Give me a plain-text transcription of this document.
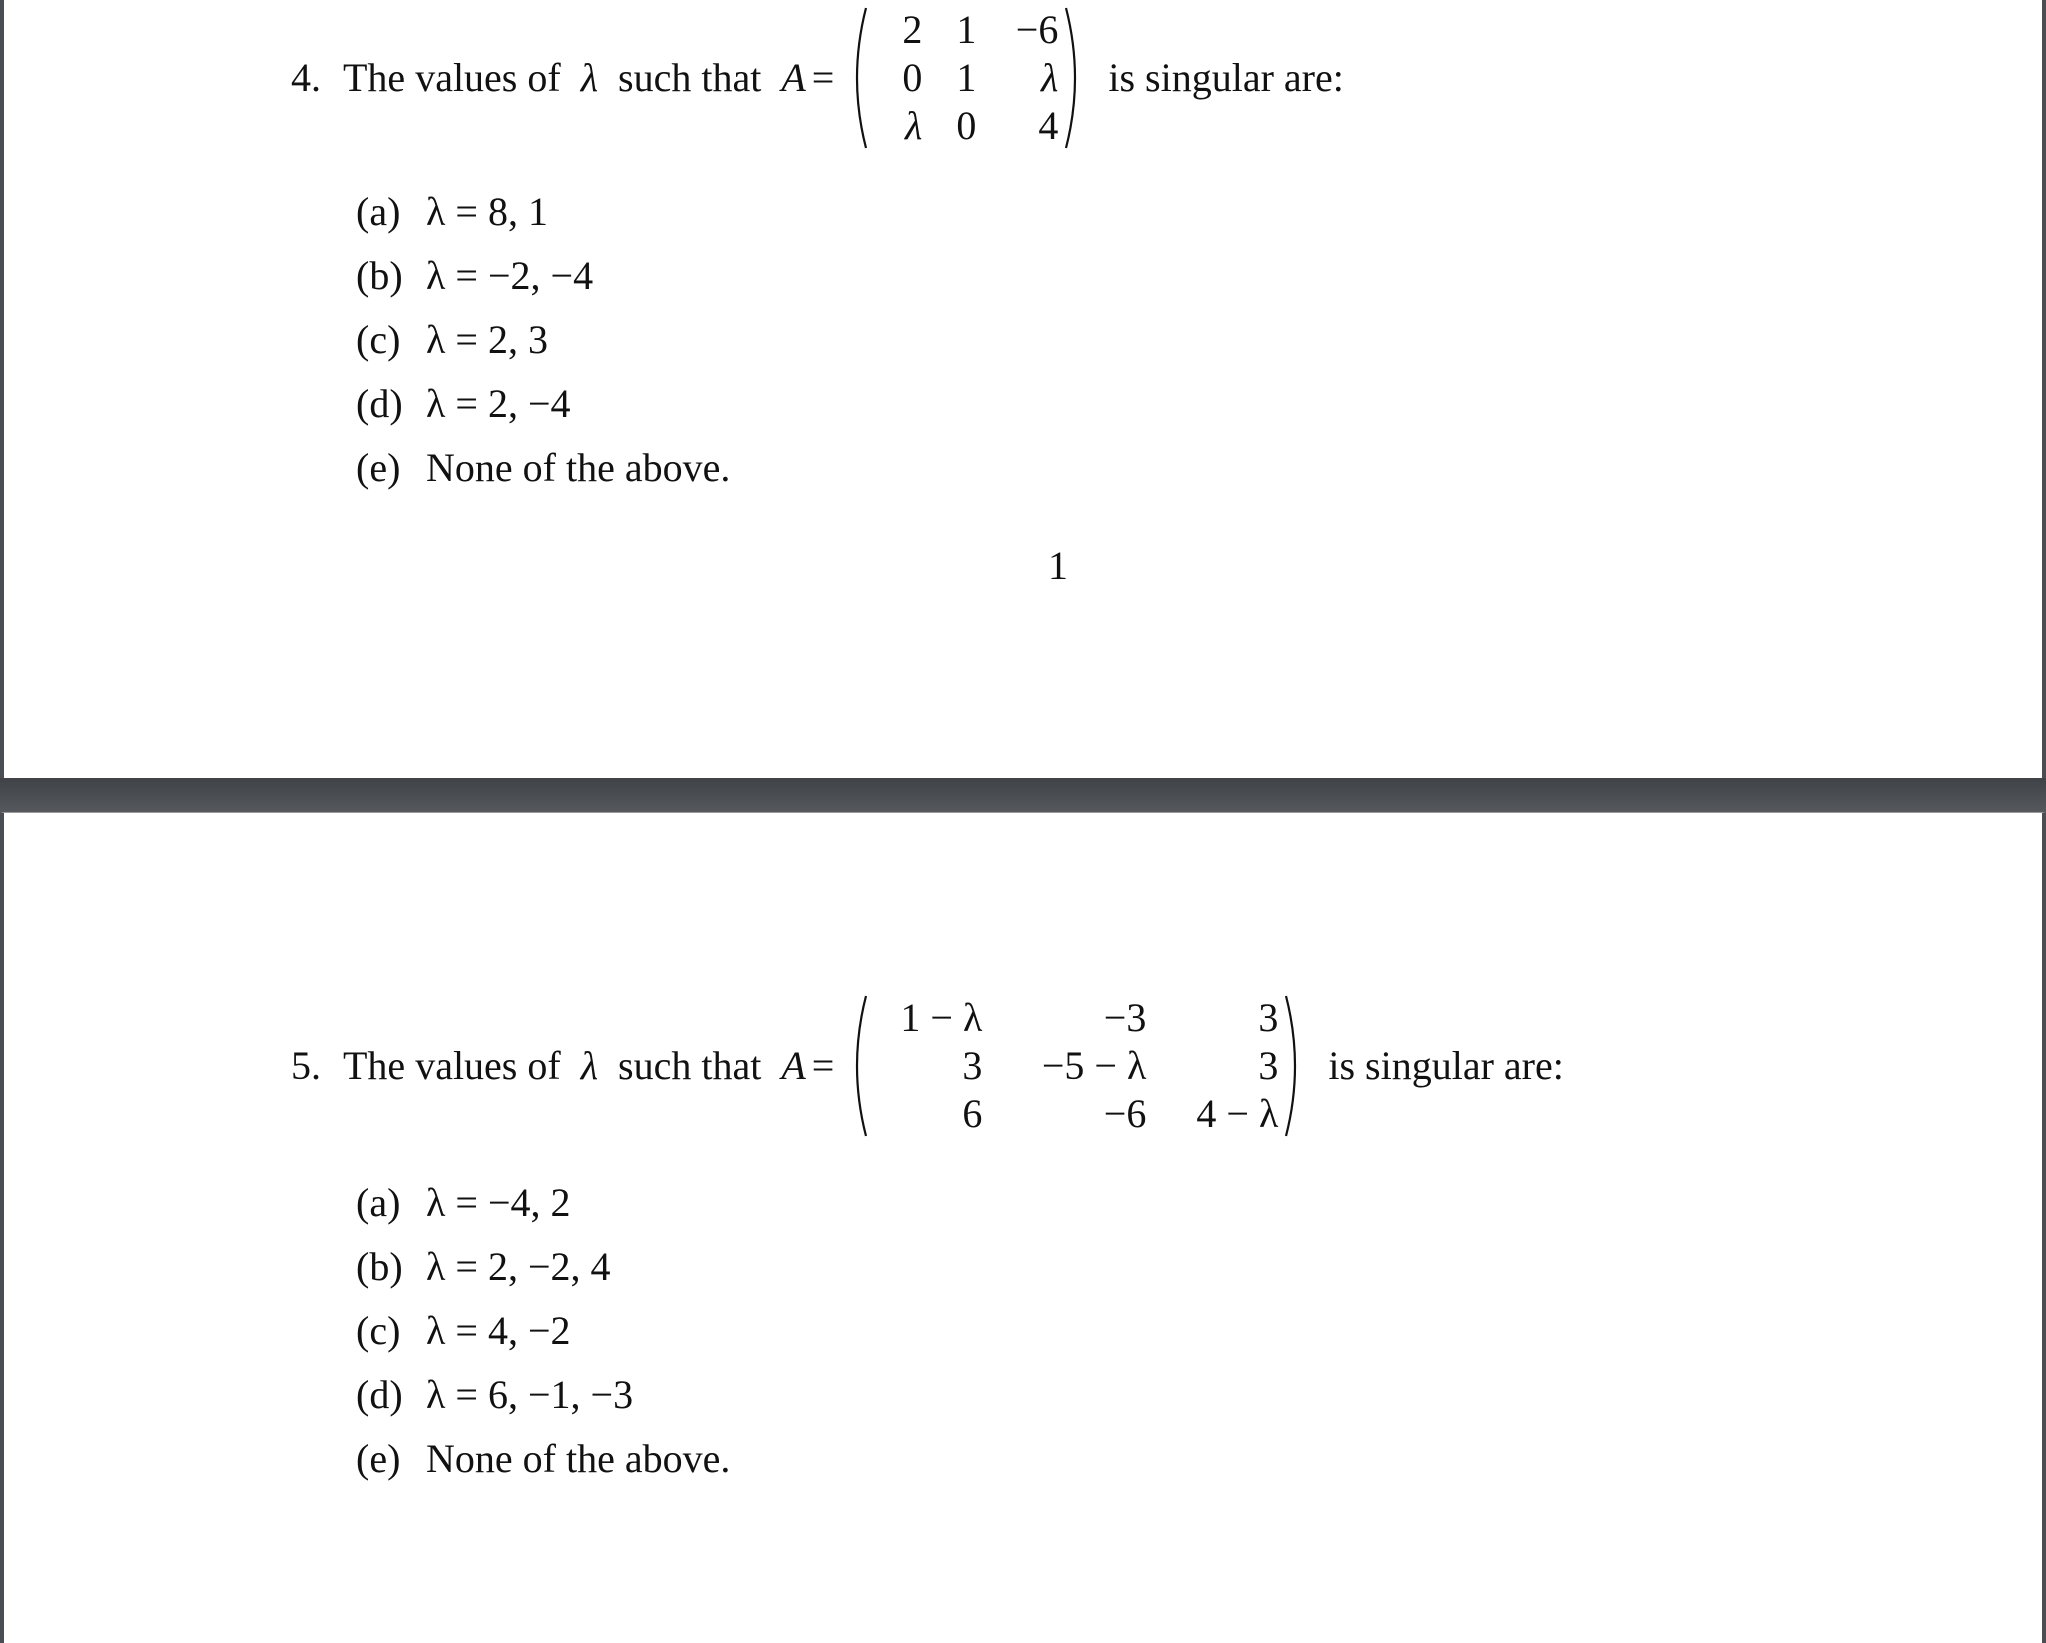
4. The values of λ such that A =
2 1 −6
0 1	λ
λ 0	4
is singular are:
(a) λ = 8, 1
(b) λ = −2, −4
(c) λ = 2, 3
(d) λ = 2, −4
(e) None of the above.
1
5. The values of λ such that A =
1 − λ	−3	3
3	−5 − λ	3
6	−6	4 − λ
is singular are:
(a) λ = −4, 2
(b) λ = 2, −2, 4
(c) λ = 4, −2
(d) λ = 6, −1, −3
(e) None of the above.
